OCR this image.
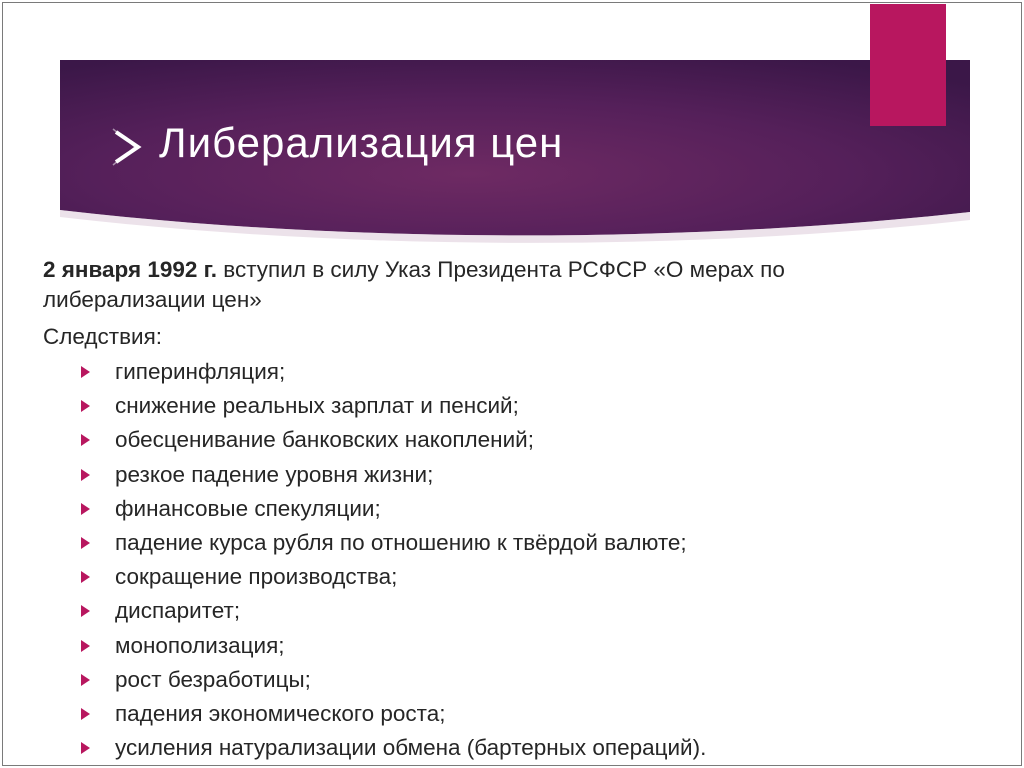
Либерализация цен
2 января 1992 г. вступил в силу Указ Президента РСФСР «О мерах по либерализации цен»
Следствия:
гиперинфляция;
снижение реальных зарплат и пенсий;
обесценивание банковских накоплений;
резкое падение уровня жизни;
финансовые спекуляции;
падение курса рубля по отношению к твёрдой валюте;
сокращение производства;
диспаритет;
монополизация;
рост безработицы;
падения экономического роста;
усиления натурализации обмена (бартерных операций).
